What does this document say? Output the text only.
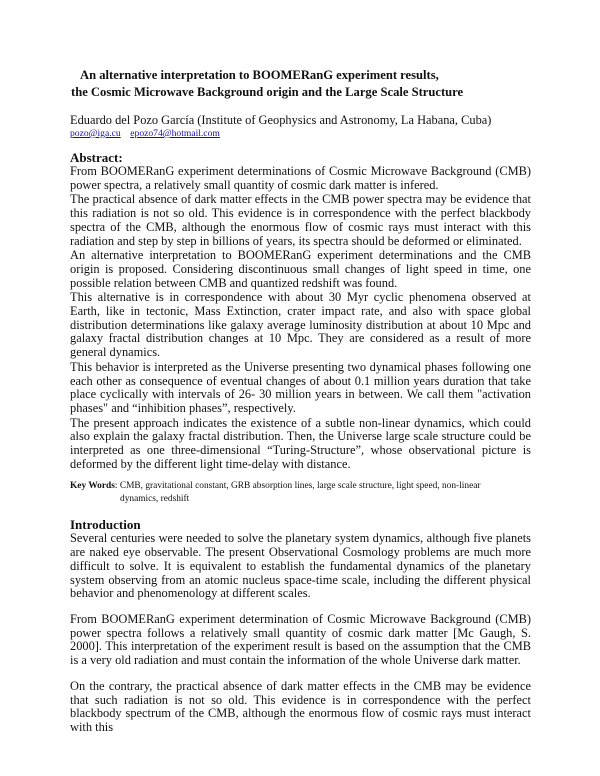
An alternative interpretation to BOOMERanG experiment results,
the Cosmic Microwave Background origin and the Large Scale Structure
Eduardo del Pozo García (Institute of Geophysics and Astronomy, La Habana, Cuba)
pozo@iga.cu epozo74@hotmail.com
Abstract:

From BOOMERanG experiment determinations of Cosmic Microwave Background (CMB) power spectra, a relatively small quantity of cosmic dark matter is infered.

The practical absence of dark matter effects in the CMB power spectra may be evidence that this radiation is not so old. This evidence is in correspondence with the perfect blackbody spectra of the CMB, although the enormous flow of cosmic rays must interact with this radiation and step by step in billions of years, its spectra should be deformed or eliminated.

An alternative interpretation to BOOMERanG experiment determinations and the CMB origin is proposed. Considering discontinuous small changes of light speed in time, one possible relation between CMB and quantized redshift was found.

This alternative is in correspondence with about 30 Myr cyclic phenomena observed at Earth, like in tectonic, Mass Extinction, crater impact rate, and also with space global distribution determinations like galaxy average luminosity distribution at about 10 Mpc and galaxy fractal distribution changes at 10 Mpc. They are considered as a result of more general dynamics.

This behavior is interpreted as the Universe presenting two dynamical phases following one each other as consequence of eventual changes of about 0.1 million years duration that take place cyclically with intervals of 26- 30 million years in between. We call them "activation phases" and “inhibition phases”, respectively.

The present approach indicates the existence of a subtle non-linear dynamics, which could also explain the galaxy fractal distribution. Then, the Universe large scale structure could be interpreted as one three-dimensional “Turing-Structure”, whose observational picture is deformed by the different light time-delay with distance.

Key Words: CMB, gravitational constant, GRB absorption lines, large scale structure, light speed, non-linear
dynamics, redshift
Introduction

Several centuries were needed to solve the planetary system dynamics, although five planets are naked eye observable. The present Observational Cosmology problems are much more difficult to solve. It is equivalent to establish the fundamental dynamics of the planetary system observing from an atomic nucleus space-time scale, including the different physical behavior and phenomenology at different scales.

From BOOMERanG experiment determination of Cosmic Microwave Background (CMB) power spectra follows a relatively small quantity of cosmic dark matter [Mc Gaugh, S. 2000]. This interpretation of the experiment result is based on the assumption that the CMB is a very old radiation and must contain the information of the whole Universe dark matter.

On the contrary, the practical absence of dark matter effects in the CMB may be evidence that such radiation is not so old. This evidence is in correspondence with the perfect blackbody spectrum of the CMB, although the enormous flow of cosmic rays must interact with this
